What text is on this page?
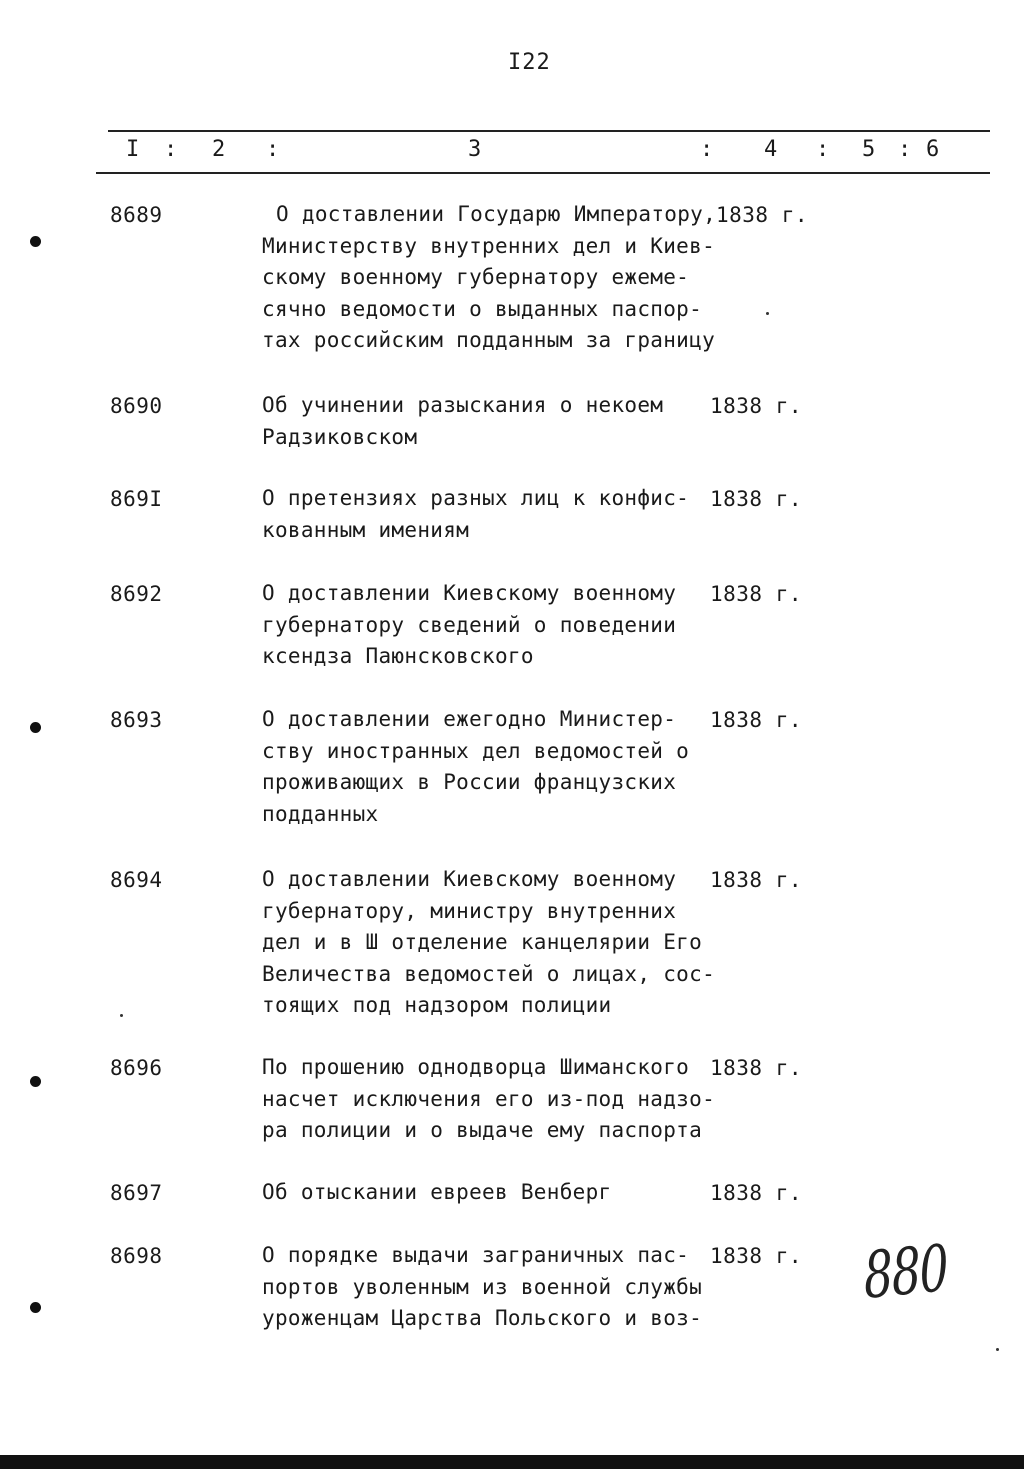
I22
I : 2 :	3	: 4 : 5 : 6
8689	О доставлении Государю Императору,
Министерству внутренних дел и Киев-
скому военному губернатору ежеме-
сячно ведомости о выданных паспор-
тах российским подданным за границу
1838 г.
8690	Об учинении разыскания о некоем
Радзиковском
1838 г.
869I	О претензиях разных лиц к конфис-
кованным имениям
1838 г.
8692	О доставлении Киевскому военному
губернатору сведений о поведении
ксендза Паюнсковского
1838 г.
8693	О доставлении ежегодно Министер-
ству иностранных дел ведомостей о
проживающих в России французских
подданных
1838 г.
8694	О доставлении Киевскому военному
губернатору, министру внутренних
дел и в Ш отделение канцелярии Его
Величества ведомостей о лицах, сос-
тоящих под надзором полиции
1838 г.
8696	По прошению однодворца Шиманского
насчет исключения его из-под надзо-
ра полиции и о выдаче ему паспорта
1838 г.
8697	Об отыскании евреев Венберг	1838 г.
8698	О порядке выдачи заграничных пас-
портов уволенным из военной службы
уроженцам Царства Польского и воз-
1838 г. 880
